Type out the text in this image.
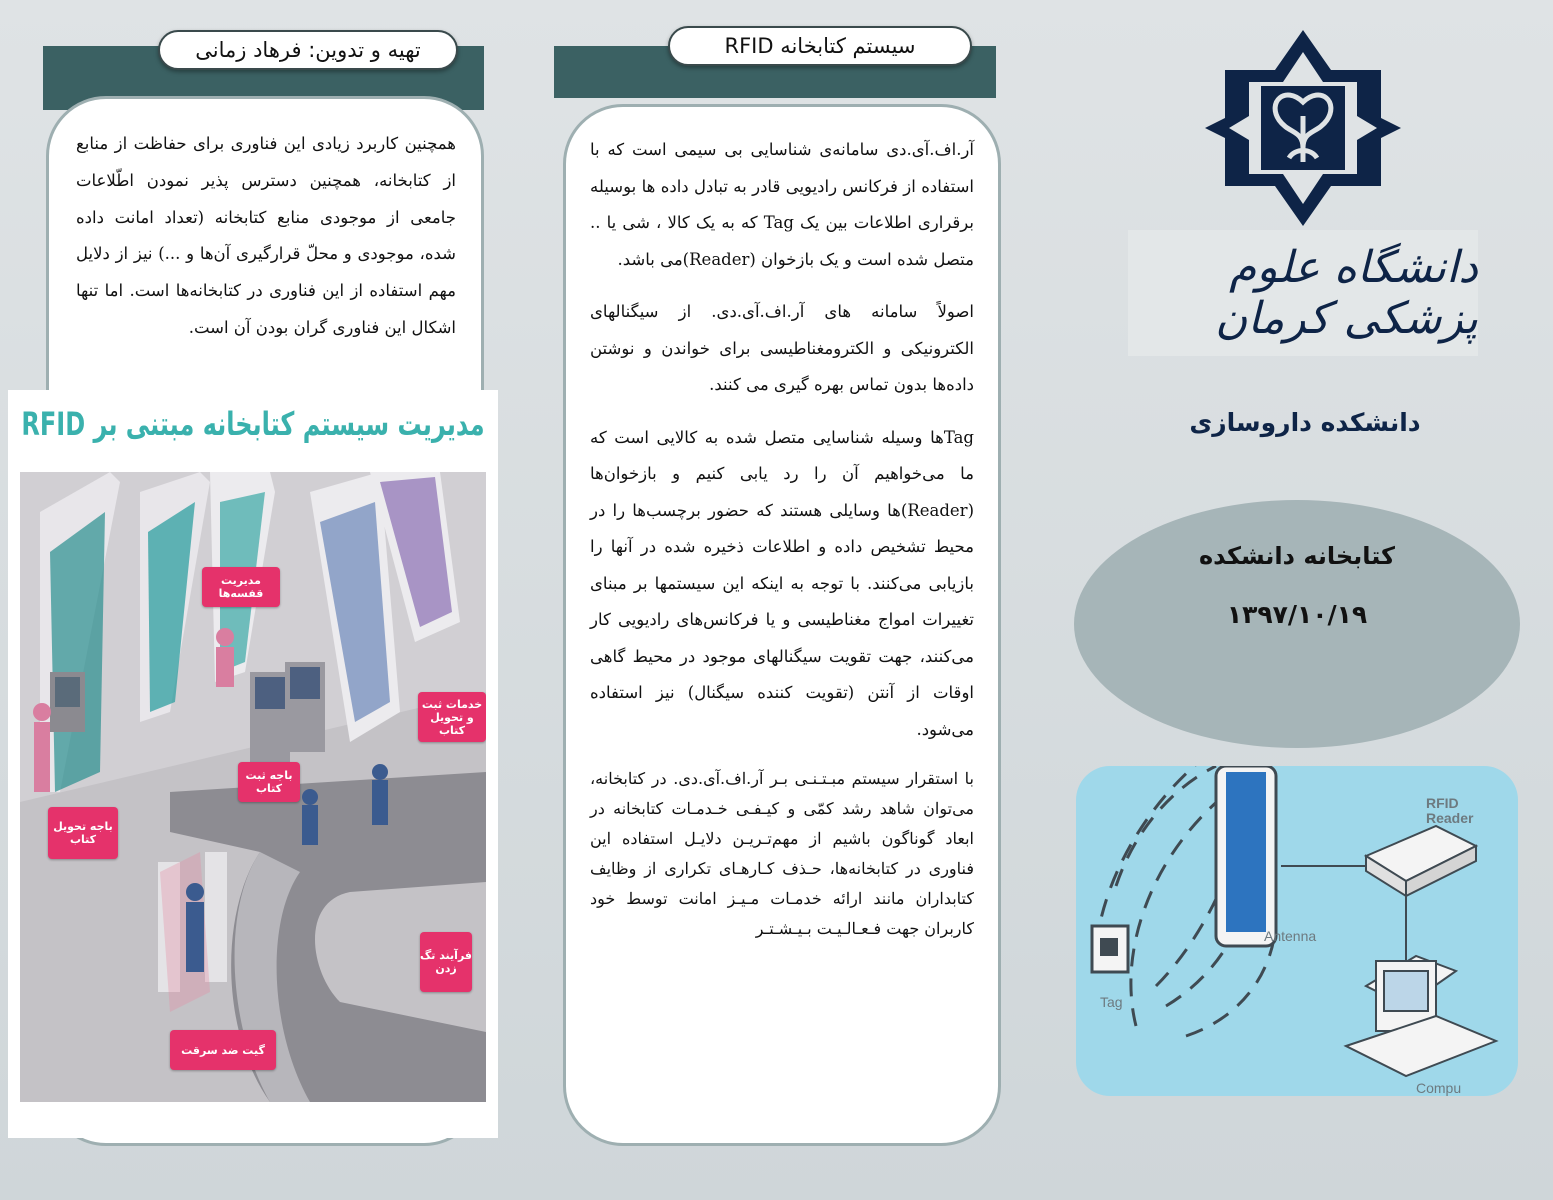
تهیه و تدوین: فرهاد زمانی

همچنین کاربرد زیادی این فناوری برای حفاظت از منابع از کتابخانه، همچنین دسترس پذیر نمودن اطّلاعات جامعی از موجودی منابع کتابخانه (تعداد امانت داده شده، موجودی و محلّ قرارگیری آن‌ها و ...) نیز از دلایل مهم استفاده از این فناوری در کتابخانه‌ها است. اما تنها اشکال این فناوری گران بودن آن است.

مدیریت سیستم کتابخانه مبتنی بر RFID
مدیریت قفسه‌ها
خدمات ثبت و تحویل کتاب
باجه ثبت کتاب
باجه تحویل کتاب
فرآیند تگ زدن
گیت ضد سرقت
سیستم کتابخانه RFID

آر.اف.آی.دی سامانه‌ی شناسایی بی سیمی است که با استفاده از فرکانس رادیویی قادر به تبادل داده ها بوسیله برقراری اطلاعات بین یک Tag که به یک کالا ، شی یا .. متصل شده است و یک بازخوان (Reader)می باشد.

اصولاً سامانه های آر.اف.آی.دی. از سیگنالهای الکترونیکی و الکترومغناطیسی برای خواندن و نوشتن داده‌ها بدون تماس بهره گیری می کنند.

Tagها وسیله شناسایی متصل شده به کالایی است که ما می‌خواهیم آن را رد یابی کنیم و بازخوان‌ها (Reader)ها وسایلی هستند که حضور برچسب‌ها را در محیط تشخیص داده و اطلاعات ذخیره شده در آنها را بازیابی می‌کنند. با توجه به اینکه این سیستمها بر مبنای تغییرات امواج مغناطیسی و یا فرکانس‌های رادیویی کار می‌کنند، جهت تقویت سیگنالهای موجود در محیط گاهی اوقات از آنتن (تقویت کننده سیگنال) نیز استفاده می‌شود.

با استقرار سیستم مبـتـنـی بـر آر.اف.آی.دی. در کتابخانه، می‌توان شاهد رشد کمّی و کیـفـی خـدمـات کتابخانه در ابعاد گوناگون باشیم از مهم‌تـریـن دلایـل استفاده این فناوری در کتابخانه‌ها، حـذف کـارهـای تکراری از وظایف کتابداران مانند ارائه خدمـات مـیـز امانت توسط خود کاربران جهت فـعـالـیـت بـیـشـتـر

دانشگاه علوم پزشکی کرمان
دانشکده داروسازی
کتابخانه دانشکده
۱۳۹۷/۱۰/۱۹
RFID Reader
Antenna
Tag
Compu
